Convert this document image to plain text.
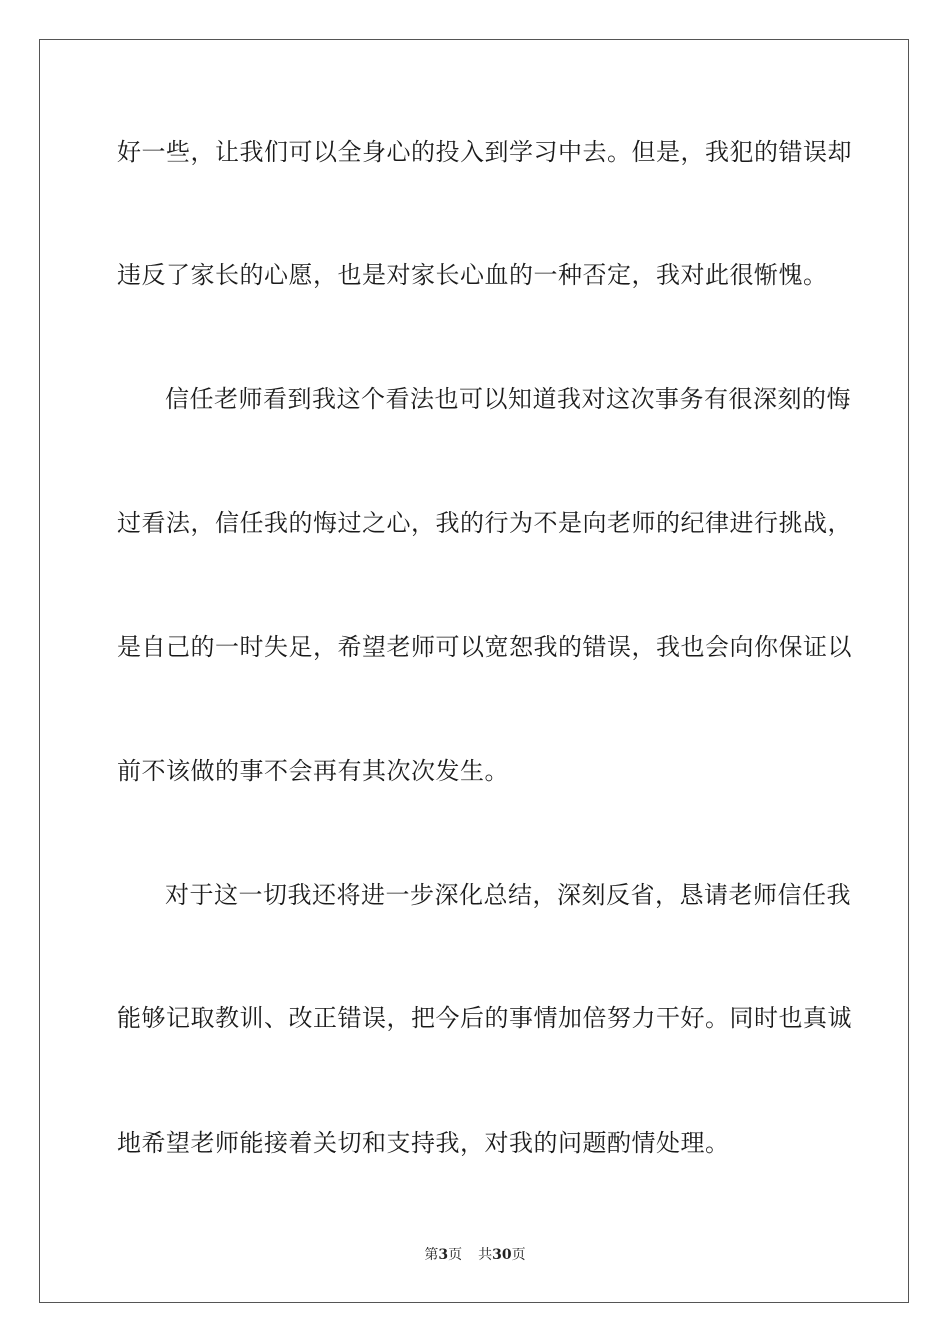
好一些，让我们可以全身心的投入到学习中去。但是，我犯的错误却
违反了家长的心愿，也是对家长心血的一种否定，我对此很惭愧。
信任老师看到我这个看法也可以知道我对这次事务有很深刻的悔
过看法，信任我的悔过之心，我的行为不是向老师的纪律进行挑战，
是自己的一时失足，希望老师可以宽恕我的错误，我也会向你保证以
前不该做的事不会再有其次次发生。
对于这一切我还将进一步深化总结，深刻反省，恳请老师信任我
能够记取教训、改正错误，把今后的事情加倍努力干好。同时也真诚
地希望老师能接着关切和支持我，对我的问题酌情处理。
第3页 共30页
